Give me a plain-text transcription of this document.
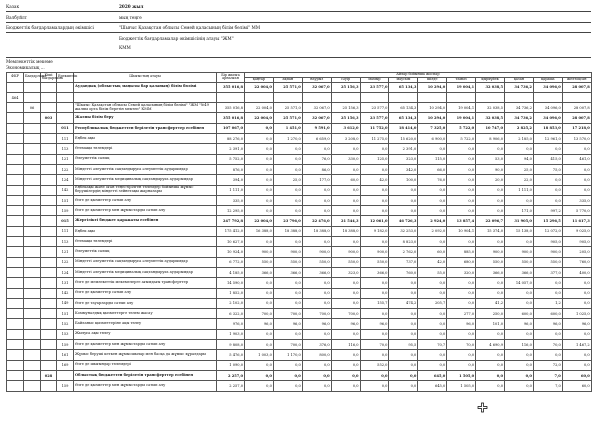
Казак	2020 жыл
Валбуйлт	мың теңге
Бюджеттік бағдарламалардың әкімшісі	"Шығыс Қазақстан облысы Семей қаласының білім бөлімі" ММ
Бюджеттік бағдарламалар әкімшісінің атауы "ЖМ"
КММ
Мемлекеттік мекеме
Экономикалық ...
ФКР	Бағдарлама	Кіші бағдарлама	Ерекшелік	Шығыстың атауы	Бір жылға арналған	Айлар бойынша жоспар											
						қаңтар	ақпан	наурыз	сәуір	мамыр	маусым	шілде	тамыз	қыркүйек	қазан	қараша	желтоқсан
				Аудандық (облыстық маңызы бар қаланың) білім бөлімі	355 016,8	22 004,0	25 571,0	32 067,0	25 156,3	23 577,0	65 134,3	10 294,0	19 004,1	32 038,5	34 736,2	34 096,0	28 007,8
464																	
	06			"Шығыс Қазақстан облысы Семей қаласының білім бөлімі" "ЖМ "№49 жалпы орта білім беретін мектеп" КММ	355 016,8	22 004,0	25 571,0	32 067,0	25 156,3	23 577,0	65 134,3	10 294,0	19 004,1	32 038,5	34 736,2	34 096,0	28 007,8
		003		Жалпы білім беру	355 016,8	22 004,0	25 571,0	32 067,0	25 156,3	23 577,0	65 134,3	10 294,0	19 004,1	32 038,5	34 736,2	34 096,0	28 007,8
			011	Республикалық бюджеттен берілетін трансферттер есебінен	107 067,0	0,0	1 451,0	9 591,0	3 612,0	11 752,0	18 414,0	7 325,0	5 722,0	10 747,0	2 825,2	18 853,0	17 218,0
			111	Еңбек ақы	88 276,0	0,0	1 270,0	6 659,0	3 208,0	11 275,0	15 620,0	6 900,0	5 722,0	8 906,0	2 185,0	12 961,0	13 570,0
			113	Өтемақы төлемдері	2 391,0	0,0	0,0	0,0	0,0	0,0	2 391,0	0,0	0,0	0,0	0,0	0,0	0,0
			121	Әлеуметтік салық	5 752,0	0,0	0,0	76,0	330,0	125,0	323,0	115,0	0,0	53,0	94,0	415,0	461,0
			122	Міндетті әлеуметтік сақтандыруға әлеуметтік аударымдар	876,0	0,0	0,0	86,0	0,0	0,0	342,0	66,0	0,0	90,0	25,0	75,0	0,0
			124	Міндетті әлеуметтік медициналық сақтандыруға аударымдар	394,0	0,0	25,0	177,0	60,0	42,0	100,0	76,0	0,0	20,0	22,0	0,0	0,0
			142	Еңбекақы және оған теңестірілген төлемдер бойынша жұмыс берушілердің міндетті зейнетақы жарналары	1 111,0	0,0	0,0	0,0	0,0	0,0	0,0	0,0	0,0	0,0	1 111,0	0,0	0,0
			151	Өзге де қызметтер сатып алу	335,0	0,0	0,0	0,0	0,0	0,0	0,0	0,0	0,0	0,0	0,0	0,0	335,0
			159	Өзге де қызметтер мен жұмыстарды сатып алу	12 295,0	0,0	0,0	0,0	0,0	0,0	0,0	0,0	0,0	0,0	171,0	997,2	5 770,0
			015	Жергілікті бюджет қаражаты есебінен	247 792,8	22 004,0	23 796,0	22 476,0	21 544,3	12 061,0	46 726,3	2 924,0	13 857,4	22 096,7	31 905,0	15 296,5	11 617,3
			111	Еңбек ақы	175 412,0	16 388,0	18 388,0	18 388,0	18 388,0	9 182,0	32 253,0	2 092,0	10 904,1	15 374,0	15 138,0	12 072,0	9 025,0
			113	Өтемақы төлемдері	10 627,0	0,0	0,0	0,0	0,0	0,0	8 823,0	0,0	0,0	0,0	0,0	905,0	905,0
			121	Әлеуметтік салық	10 924,0	900,0	900,0	900,0	900,0	900,0	2 762,0	60,0	885,0	900,0	900,0	900,0	205,0
			122	Міндетті әлеуметтік сақтандыруға әлеуметтік аударымдар	6 772,0	550,0	550,0	550,0	550,0	550,0	737,0	42,0	680,0	550,0	550,0	550,0	760,0
			124	Міндетті әлеуметтік медициналық сақтандыруға аударымдар	4 185,0	366,0	366,0	366,0	323,0	366,0	760,0	55,0	320,0	366,0	366,0	377,0	400,0
			131	Өзге де мемлекеттік мекемелерге ағымдағы трансферттер	14 590,0	0,0	0,0	0,0	0,0	0,0	0,0	0,0	0,0	0,0	14 057,0	0,0	0,0
			142	Өзге де қызметтер сатып алу	1 852,0	0,0	0,0	0,0	0,0	0,0	0,0	0,0	0,0	0,0	0,0	0,0	0,0
			149	Өзге де тауарларды сатып алу	2 102,0	0,0	0,0	0,0	0,0	155,7	474,2	205,7	0,0	41,2	0,0	1,2	0,0
			151	Коммуналдық қызметтерге төлем жасау	6 322,0	700,0	700,0	700,0	700,0	0,0	0,0	0,0	277,0	250,0	600,0	600,0	1 025,0
			152	Байланыс қызметтеріне ақы төлеу	976,0	96,0	96,0	96,0	96,0	96,0	0,0	0,0	96,0	101,0	96,0	96,0	96,0
			153	Жылуға ақы төлеу	1 903,0	0,0	0,0	0,0	0,0	0,0	0,0	0,0	0,0	0,0	0,0	0,0	0,0
			159	Өзге де қызметтер мен жұмыстарды сатып алу	9 808,0	0,0	700,0	376,0	116,0	70,0	95,5	70,7	70,0	4 690,9	116,0	70,0	1 467,2
			161	Жұмыс беруші кеткен жұмысшылар мен басқа да жұмыс құралдары	5 476,0	1 003,0	1 170,0	800,0	0,0	0,0	0,0	0,0	0,0	0,0	0,0	0,0	0,0
			169	Өзге де шығындар төлемдері	1 090,0	0,0	0,0	0,0	0,0	552,0	0,0	0,0	0,0	0,0	0,0	72,0	0,0
		028		Облыстық бюджеттен берілетін трансферттер есебінен	2 257,0	0,0	0,0	0,0	0,0	0,0	0,0	645,0	1 505,0	0,0	0,0	7,0	60,0
			159	Өзге де қызметтер мен жұмыстарды сатып алу	2 257,0	0,0	0,0	0,0	0,0	0,0	0,0	645,0	1 505,0	0,0	0,0	7,0	60,0
